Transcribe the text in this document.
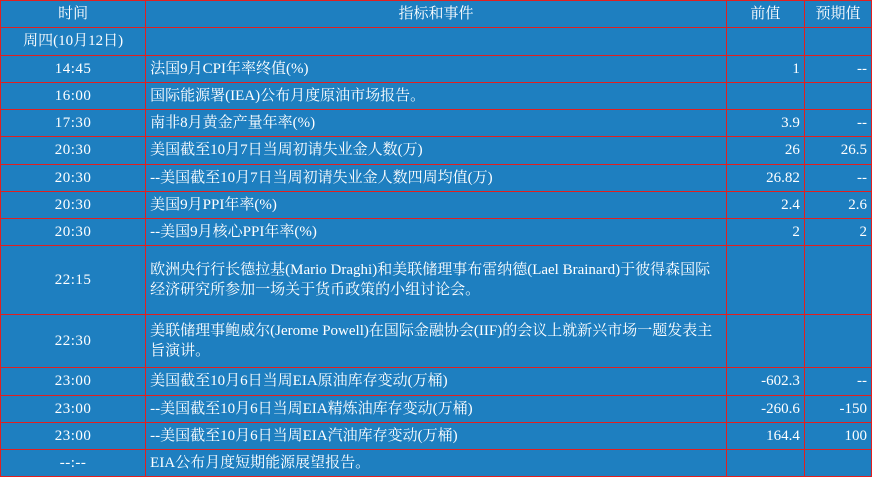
时间	指标和事件	前值	预期值
周四(10月12日)			
14:45	法国9月CPI年率终值(%)	1	--
16:00	国际能源署(IEA)公布月度原油市场报告。		
17:30	南非8月黄金产量年率(%)	3.9	--
20:30	美国截至10月7日当周初请失业金人数(万)	26	26.5
20:30	--美国截至10月7日当周初请失业金人数四周均值(万)	26.82	--
20:30	美国9月PPI年率(%)	2.4	2.6
20:30	--美国9月核心PPI年率(%)	2	2
22:15	欧洲央行行长德拉基(Mario Draghi)和美联储理事布雷纳德(Lael Brainard)于彼得森国际经济研究所参加一场关于货币政策的小组讨论会。		
22:30	美联储理事鲍威尔(Jerome Powell)在国际金融协会(IIF)的会议上就新兴市场一题发表主旨演讲。		
23:00	美国截至10月6日当周EIA原油库存变动(万桶)	-602.3	--
23:00	--美国截至10月6日当周EIA精炼油库存变动(万桶)	-260.6	-150
23:00	--美国截至10月6日当周EIA汽油库存变动(万桶)	164.4	100
--:--	EIA公布月度短期能源展望报告。		
